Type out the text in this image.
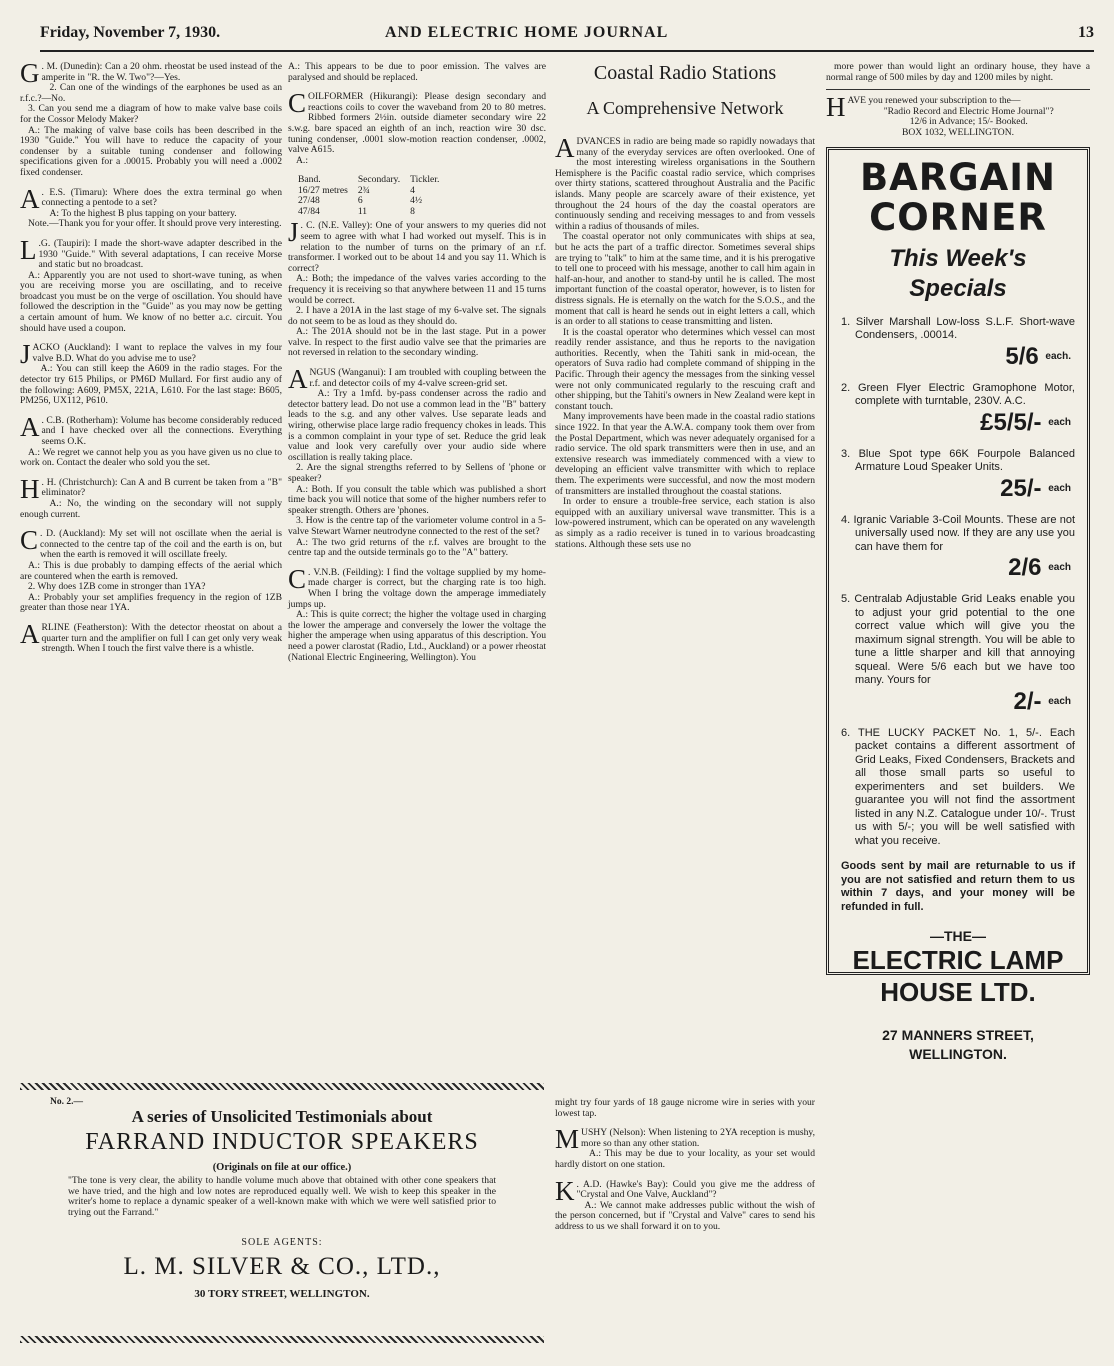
Friday, November 7, 1930.	AND ELECTRIC HOME JOURNAL	13

G . M. (Dunedin): Can a 20 ohm. rheostat be used instead of the amperite in "R. the W. Two"?—Yes.

2. Can one of the windings of the earphones be used as an r.f.c.?—No.

3. Can you send me a diagram of how to make valve base coils for the Cossor Melody Maker?

A.: The making of valve base coils has been described in the 1930 "Guide." You will have to reduce the capacity of your condenser by a suitable tuning condenser and following specifications given for a .00015. Probably you will need a .0002 fixed condenser.

A . E.S. (Timaru): Where does the extra terminal go when connecting a pentode to a set?

A: To the highest B plus tapping on your battery.

Note.—Thank you for your offer. It should prove very interesting.

L .G. (Taupiri): I made the short-wave adapter described in the 1930 "Guide." With several adaptations, I can receive Morse and static but no broadcast.

A.: Apparently you are not used to short-wave tuning, as when you are receiving morse you are oscillating, and to receive broadcast you must be on the verge of oscillation. You should have followed the description in the "Guide" as you may now be getting a certain amount of hum. We know of no better a.c. circuit. You should have used a coupon.

JACKO (Auckland): I want to replace the valves in my four valve B.D. What do you advise me to use?

A.: You can still keep the A609 in the radio stages. For the detector try 615 Philips, or PM6D Mullard. For first audio any of the following: A609, PM5X, 221A, L610. For the last stage: B605, PM256, UX112, P610.

A . C.B. (Rotherham): Volume has become considerably reduced and I have checked over all the connections. Everything seems O.K.

A.: We regret we cannot help you as you have given us no clue to work on. Contact the dealer who sold you the set.

H . H. (Christchurch): Can A and B current be taken from a "B" eliminator?

A.: No, the winding on the secondary will not supply enough current.

C . D. (Auckland): My set will not oscillate when the aerial is connected to the centre tap of the coil and the earth is on, but when the earth is removed it will oscillate freely.

A.: This is due probably to damping effects of the aerial which are countered when the earth is removed.

2. Why does 1ZB come in stronger than 1YA?

A.: Probably your set amplifies frequency in the region of 1ZB greater than those near 1YA.

ARLINE (Featherston): With the detector rheostat on about a quarter turn and the amplifier on full I can get only very weak strength. When I touch the first valve there is a whistle.

A.: This appears to be due to poor emission. The valves are paralysed and should be replaced.

COILFORMER (Hikurangi): Please design secondary and reactions coils to cover the waveband from 20 to 80 metres. Ribbed formers 2½in. outside diameter secondary wire 22 s.w.g. bare spaced an eighth of an inch, reaction wire 30 dsc. tuning condenser, .0001 slow-motion reaction condenser, .0002, valve A615.

A.:

Band.	Secondary.	Tickler.
16/27 metres	2¾	4
27/48	6	4½
47/84	11	8

J . C. (N.E. Valley): One of your answers to my queries did not seem to agree with what I had worked out myself. This is in relation to the number of turns on the primary of an r.f. transformer. I worked out to be about 14 and you say 11. Which is correct?

A.: Both; the impedance of the valves varies according to the frequency it is receiving so that anywhere between 11 and 15 turns would be correct.

2. I have a 201A in the last stage of my 6-valve set. The signals do not seem to be as loud as they should do.

A.: The 201A should not be in the last stage. Put in a power valve. In respect to the first audio valve see that the primaries are not reversed in relation to the secondary winding.

ANGUS (Wanganui): I am troubled with coupling between the r.f. and detector coils of my 4-valve screen-grid set.

A.: Try a 1mfd. by-pass condenser across the radio and detector battery lead. Do not use a common lead in the "B" battery leads to the s.g. and any other valves. Use separate leads and wiring, otherwise place large radio frequency chokes in leads. This is a common complaint in your type of set. Reduce the grid leak value and look very carefully over your audio side where oscillation is really taking place.

2. Are the signal strengths referred to by Sellens of 'phone or speaker?

A.: Both. If you consult the table which was published a short time back you will notice that some of the higher numbers refer to speaker strength. Others are 'phones.

3. How is the centre tap of the variometer volume control in a 5-valve Stewart Warner neutrodyne connected to the rest of the set?

A.: The two grid returns of the r.f. valves are brought to the centre tap and the outside terminals go to the "A" battery.

C . V.N.B. (Feilding): I find the voltage supplied by my home-made charger is correct, but the charging rate is too high. When I bring the voltage down the amperage immediately jumps up.

A.: This is quite correct; the higher the voltage used in charging the lower the amperage and conversely the lower the voltage the higher the amperage when using apparatus of this description. You need a power clarostat (Radio, Ltd., Auckland) or a power rheostat (National Electric Engineering, Wellington). You

Coastal Radio Stations
A Comprehensive Network

ADVANCES in radio are being made so rapidly nowadays that many of the everyday services are often overlooked. One of the most interesting wireless organisations in the Southern Hemisphere is the Pacific coastal radio service, which comprises over thirty stations, scattered throughout Australia and the Pacific islands. Many people are scarcely aware of their existence, yet throughout the 24 hours of the day the coastal operators are continuously sending and receiving messages to and from vessels within a radius of thousands of miles.

The coastal operator not only communicates with ships at sea, but he acts the part of a traffic director. Sometimes several ships are trying to "talk" to him at the same time, and it is his prerogative to tell one to proceed with his message, another to call him again in half-an-hour, and another to stand-by until he is called. The most important function of the coastal operator, however, is to listen for distress signals. He is eternally on the watch for the S.O.S., and the moment that call is heard he sends out in eight letters a call, which is an order to all stations to cease transmitting and listen.

It is the coastal operator who determines which vessel can most readily render assistance, and thus he reports to the navigation authorities. Recently, when the Tahiti sank in mid-ocean, the operators of Suva radio had complete command of shipping in the Pacific. Through their agency the messages from the sinking vessel were not only communicated regularly to the rescuing craft and other shipping, but the Tahiti's owners in New Zealand were kept in constant touch.

Many improvements have been made in the coastal radio stations since 1922. In that year the A.W.A. company took them over from the Postal Department, which was never adequately organised for a radio service. The old spark transmitters were then in use, and an extensive research was immediately commenced with a view to developing an efficient valve transmitter with which to replace them. The experiments were successful, and now the most modern of transmitters are installed throughout the coastal stations.

In order to ensure a trouble-free service, each station is also equipped with an auxiliary universal wave transmitter. This is a low-powered instrument, which can be operated on any wavelength as simply as a radio receiver is tuned in to various broadcasting stations. Although these sets use no

might try four yards of 18 gauge nicrome wire in series with your lowest tap.

MUSHY (Nelson): When listening to 2YA reception is mushy, more so than any other station.

A.: This may be due to your locality, as your set would hardly distort on one station.

K . A.D. (Hawke's Bay): Could you give me the address of "Crystal and One Valve, Auckland"?

A.: We cannot make addresses public without the wish of the person concerned, but if "Crystal and Valve" cares to send his address to us we shall forward it on to you.

more power than would light an ordinary house, they have a normal range of 500 miles by day and 1200 miles by night.

HAVE you renewed your subscription to the—

"Radio Record and Electric Home Journal"?

12/6 in Advance; 15/- Booked.

BOX 1032, WELLINGTON.

BARGAIN
CORNER
This Week's Specials
1. Silver Marshall Low-loss S.L.F. Short-wave Condensers, .00014.
5/6 $^{each.}$
2. Green Flyer Electric Gramophone Motor, complete with turntable, 230V. A.C.
£5/5/- $^{each}$
3. Blue Spot type 66K Fourpole Balanced Armature Loud Speaker Units.
25/- $^{each}$
4. Igranic Variable 3-Coil Mounts. These are not universally used now. If they are any use you can have them for
2/6 $^{each}$
5. Centralab Adjustable Grid Leaks enable you to adjust your grid potential to the one correct value which will give you the maximum signal strength. You will be able to tune a little sharper and kill that annoying squeal. Were 5/6 each but we have too many. Yours for
2/- $^{each}$
6. THE LUCKY PACKET No. 1, 5/-. Each packet contains a different assortment of Grid Leaks, Fixed Condensers, Brackets and all those small parts so useful to experimenters and set builders. We guarantee you will not find the assortment listed in any N.Z. Catalogue under 10/-. Trust us with 5/-; you will be well satisfied with what you receive.
Goods sent by mail are returnable to us if you are not satisfied and return them to us within 7 days, and your money will be refunded in full.
—THE—
ELECTRIC LAMP
HOUSE LTD.
27 MANNERS STREET,
WELLINGTON.
No. 2.—
A series of Unsolicited Testimonials about
FARRAND INDUCTOR SPEAKERS
(Originals on file at our office.)
"The tone is very clear, the ability to handle volume much above that obtained with other cone speakers that we have tried, and the high and low notes are reproduced equally well. We wish to keep this speaker in the writer's home to replace a dynamic speaker of a well-known make with which we were well satisfied prior to trying out the Farrand."
SOLE AGENTS:
L. M. SILVER & CO., LTD.,
30 TORY STREET, WELLINGTON.
